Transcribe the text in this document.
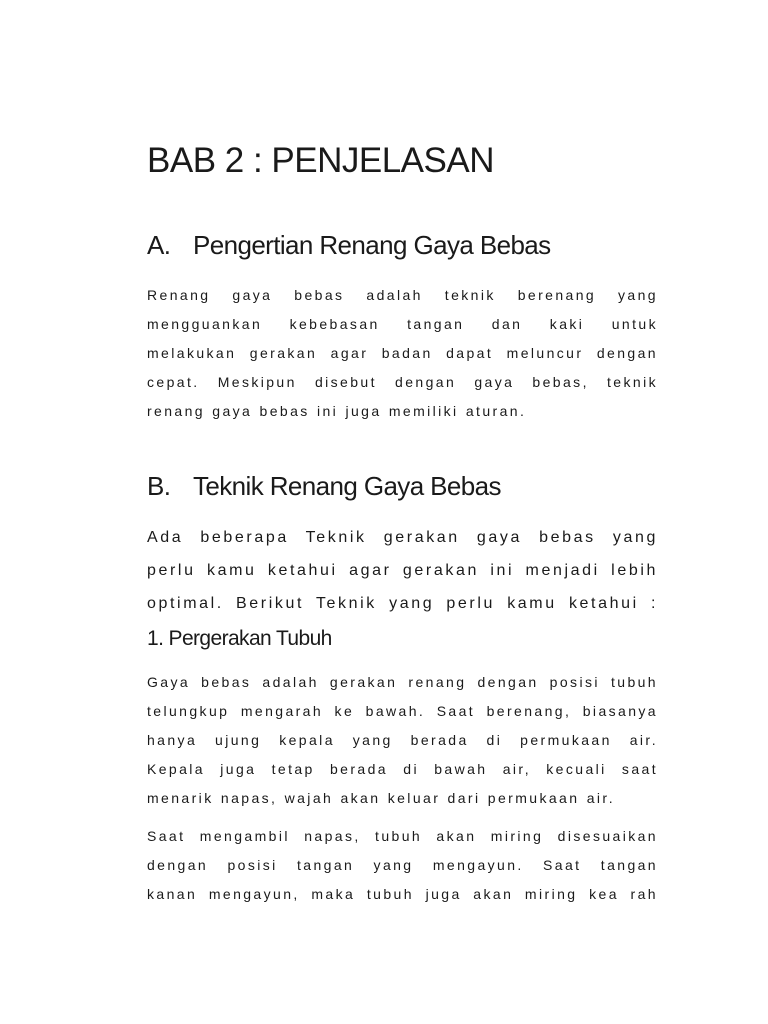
BAB 2 : PENJELASAN
A. Pengertian Renang Gaya Bebas

Renang gaya bebas adalah teknik berenang yang
mengguankan kebebasan tangan dan kaki untuk
melakukan gerakan agar badan dapat meluncur dengan
cepat. Meskipun disebut dengan gaya bebas, teknik
renang gaya bebas ini juga memiliki aturan.

B. Teknik Renang Gaya Bebas

Ada beberapa Teknik gerakan gaya bebas yang
perlu kamu ketahui agar gerakan ini menjadi lebih
optimal. Berikut Teknik yang perlu kamu ketahui :

1. Pergerakan Tubuh

Gaya bebas adalah gerakan renang dengan posisi tubuh
telungkup mengarah ke bawah. Saat berenang, biasanya
hanya ujung kepala yang berada di permukaan air.
Kepala juga tetap berada di bawah air, kecuali saat
menarik napas, wajah akan keluar dari permukaan air.

Saat mengambil napas, tubuh akan miring disesuaikan
dengan posisi tangan yang mengayun. Saat tangan
kanan mengayun, maka tubuh juga akan miring kea rah
